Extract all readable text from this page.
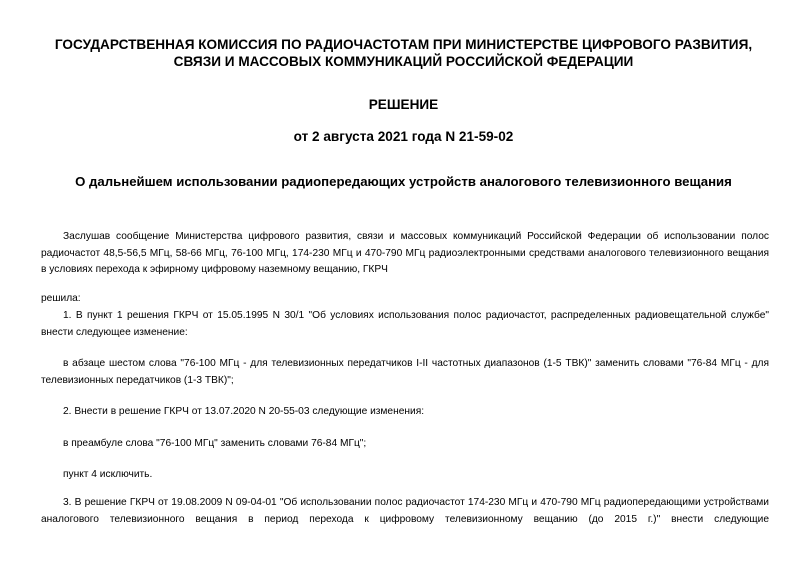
ГОСУДАРСТВЕННАЯ КОМИССИЯ ПО РАДИОЧАСТОТАМ ПРИ МИНИСТЕРСТВЕ ЦИФРОВОГО РАЗВИТИЯ,

СВЯЗИ И МАССОВЫХ КОММУНИКАЦИЙ РОССИЙСКОЙ ФЕДЕРАЦИИ

РЕШЕНИЕ

от 2 августа 2021 года N 21-59-02

О дальнейшем использовании радиопередающих устройств аналогового телевизионного вещания

Заслушав сообщение Министерства цифрового развития, связи и массовых коммуникаций Российской Федерации об использовании полос радиочастот 48,5-56,5 МГц, 58-66 МГц, 76-100 МГц, 174-230 МГц и 470-790 МГц радиоэлектронными средствами аналогового телевизионного вещания в условиях перехода к эфирному цифровому наземному вещанию, ГКРЧ

решила:

1. В пункт 1 решения ГКРЧ от 15.05.1995 N 30/1 "Об условиях использования полос радиочастот, распределенных радиовещательной службе" внести следующее изменение:

в абзаце шестом слова "76-100 МГц - для телевизионных передатчиков I-II частотных диапазонов (1-5 ТВК)" заменить словами "76-84 МГц - для телевизионных передатчиков (1-3 ТВК)";

2. Внести в решение ГКРЧ от 13.07.2020 N 20-55-03 следующие изменения:

в преамбуле слова "76-100 МГц" заменить словами 76-84 МГц";

пункт 4 исключить.

3. В решение ГКРЧ от 19.08.2009 N 09-04-01 "Об использовании полос радиочастот 174-230 МГц и 470-790 МГц радиопередающими устройствами аналогового телевизионного вещания в период перехода к цифровому телевизионному вещанию (до 2015 г.)" внести следующие
